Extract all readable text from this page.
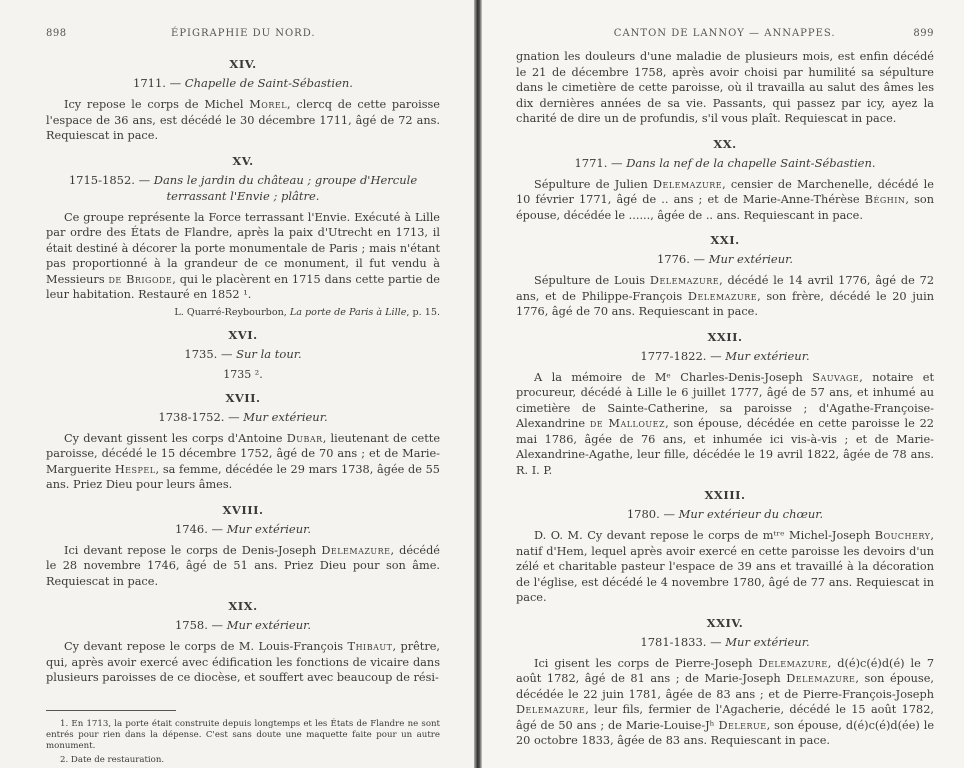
898	ÉPIGRAPHIE DU NORD.
XIV.
1711. — Chapelle de Saint-Sébastien.

Icy repose le corps de Michel Morel, clercq de cette paroisse l'espace de 36 ans, est décédé le 30 décembre 1711, âgé de 72 ans. Requiescat in pace.

XV.
1715-1852. — Dans le jardin du château ; groupe d'Hercule terrassant l'Envie ; plâtre.

Ce groupe représente la Force terrassant l'Envie. Exécuté à Lille par ordre des États de Flandre, après la paix d'Utrecht en 1713, il était destiné à décorer la porte monumentale de Paris ; mais n'étant pas proportionné à la grandeur de ce monument, il fut vendu à Messieurs de Brigode, qui le placèrent en 1715 dans cette partie de leur habitation. Restauré en 1852 ¹.

L. Quarré-Reybourbon, La porte de Paris à Lille, p. 15.
XVI.
1735. — Sur la tour.
1735 ².
XVII.
1738-1752. — Mur extérieur.

Cy devant gissent les corps d'Antoine Dubar, lieutenant de cette paroisse, décédé le 15 décembre 1752, âgé de 70 ans ; et de Marie-Marguerite Hespel, sa femme, décédée le 29 mars 1738, âgée de 55 ans. Priez Dieu pour leurs âmes.

XVIII.
1746. — Mur extérieur.

Ici devant repose le corps de Denis-Joseph Delemazure, décédé le 28 novembre 1746, âgé de 51 ans. Priez Dieu pour son âme. Requiescat in pace.

XIX.
1758. — Mur extérieur.

Cy devant repose le corps de M. Louis-François Thibaut, prêtre, qui, après avoir exercé avec édification les fonctions de vicaire dans plusieurs paroisses de ce diocèse, et souffert avec beaucoup de rési-

1. En 1713, la porte était construite depuis longtemps et les États de Flandre ne sont entrés pour rien dans la dépense. C'est sans doute une maquette faite pour un autre monument.

2. Date de restauration.

CANTON DE LANNOY — ANNAPPES.	899

gnation les douleurs d'une maladie de plusieurs mois, est enfin décédé le 21 de décembre 1758, après avoir choisi par humilité sa sépulture dans le cimetière de cette paroisse, où il travailla au salut des âmes les dix dernières années de sa vie. Passants, qui passez par icy, ayez la charité de dire un de profundis, s'il vous plaît. Requiescat in pace.

XX.
1771. — Dans la nef de la chapelle Saint-Sébastien.

Sépulture de Julien Delemazure, censier de Marchenelle, décédé le 10 février 1771, âgé de .. ans ; et de Marie-Anne-Thérèse Béghin, son épouse, décédée le ......, âgée de .. ans. Requiescant in pace.

XXI.
1776. — Mur extérieur.

Sépulture de Louis Delemazure, décédé le 14 avril 1776, âgé de 72 ans, et de Philippe-François Delemazure, son frère, décédé le 20 juin 1776, âgé de 70 ans. Requiescant in pace.

XXII.
1777-1822. — Mur extérieur.

A la mémoire de Mᵉ Charles-Denis-Joseph Sauvage, notaire et procureur, décédé à Lille le 6 juillet 1777, âgé de 57 ans, et inhumé au cimetière de Sainte-Catherine, sa paroisse ; d'Agathe-Françoise-Alexandrine de Mallouez, son épouse, décédée en cette paroisse le 22 mai 1786, âgée de 76 ans, et inhumée ici vis-à-vis ; et de Marie-Alexandrine-Agathe, leur fille, décédée le 19 avril 1822, âgée de 78 ans. R. I. P.

XXIII.
1780. — Mur extérieur du chœur.

D. O. M. Cy devant repose le corps de mᵗʳᵉ Michel-Joseph Bouchery, natif d'Hem, lequel après avoir exercé en cette paroisse les devoirs d'un zélé et charitable pasteur l'espace de 39 ans et travaillé à la décoration de l'église, est décédé le 4 novembre 1780, âgé de 77 ans. Requiescat in pace.

XXIV.
1781-1833. — Mur extérieur.

Ici gisent les corps de Pierre-Joseph Delemazure, d(é)c(é)d(é) le 7 août 1782, âgé de 81 ans ; de Marie-Joseph Delemazure, son épouse, décédée le 22 juin 1781, âgée de 83 ans ; et de Pierre-François-Joseph Delemazure, leur fils, fermier de l'Agacherie, décédé le 15 août 1782, âgé de 50 ans ; de Marie-Louise-Jʰ Delerue, son épouse, d(é)c(é)d(ée) le 20 octobre 1833, âgée de 83 ans. Requiescant in pace.
